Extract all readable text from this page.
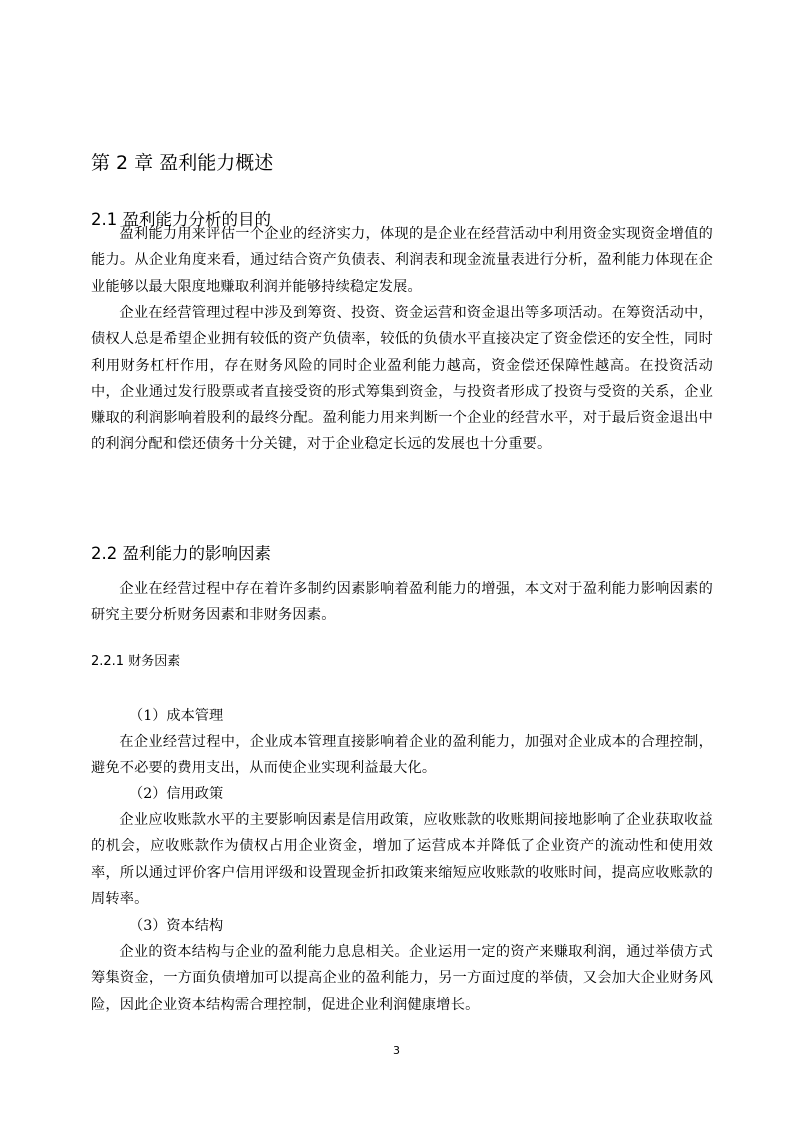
第 2 章 盈利能力概述
2.1 盈利能力分析的目的

盈利能力用来评估一个企业的经济实力，体现的是企业在经营活动中利用资金实现资金增值的能力。从企业角度来看，通过结合资产负债表、利润表和现金流量表进行分析，盈利能力体现在企业能够以最大限度地赚取利润并能够持续稳定发展。

企业在经营管理过程中涉及到筹资、投资、资金运营和资金退出等多项活动。在筹资活动中，债权人总是希望企业拥有较低的资产负债率，较低的负债水平直接决定了资金偿还的安全性，同时利用财务杠杆作用，存在财务风险的同时企业盈利能力越高，资金偿还保障性越高。在投资活动中，企业通过发行股票或者直接受资的形式筹集到资金，与投资者形成了投资与受资的关系，企业赚取的利润影响着股利的最终分配。盈利能力用来判断一个企业的经营水平，对于最后资金退出中的利润分配和偿还债务十分关键，对于企业稳定长远的发展也十分重要。

2.2 盈利能力的影响因素

企业在经营过程中存在着许多制约因素影响着盈利能力的增强，本文对于盈利能力影响因素的研究主要分析财务因素和非财务因素。

2.2.1 财务因素
（1）成本管理

在企业经营过程中，企业成本管理直接影响着企业的盈利能力，加强对企业成本的合理控制，避免不必要的费用支出，从而使企业实现利益最大化。

（2）信用政策

企业应收账款水平的主要影响因素是信用政策，应收账款的收账期间接地影响了企业获取收益的机会，应收账款作为债权占用企业资金，增加了运营成本并降低了企业资产的流动性和使用效率，所以通过评价客户信用评级和设置现金折扣政策来缩短应收账款的收账时间，提高应收账款的周转率。

（3）资本结构

企业的资本结构与企业的盈利能力息息相关。企业运用一定的资产来赚取利润，通过举债方式筹集资金，一方面负债增加可以提高企业的盈利能力，另一方面过度的举债，又会加大企业财务风险，因此企业资本结构需合理控制，促进企业利润健康增长。

3
